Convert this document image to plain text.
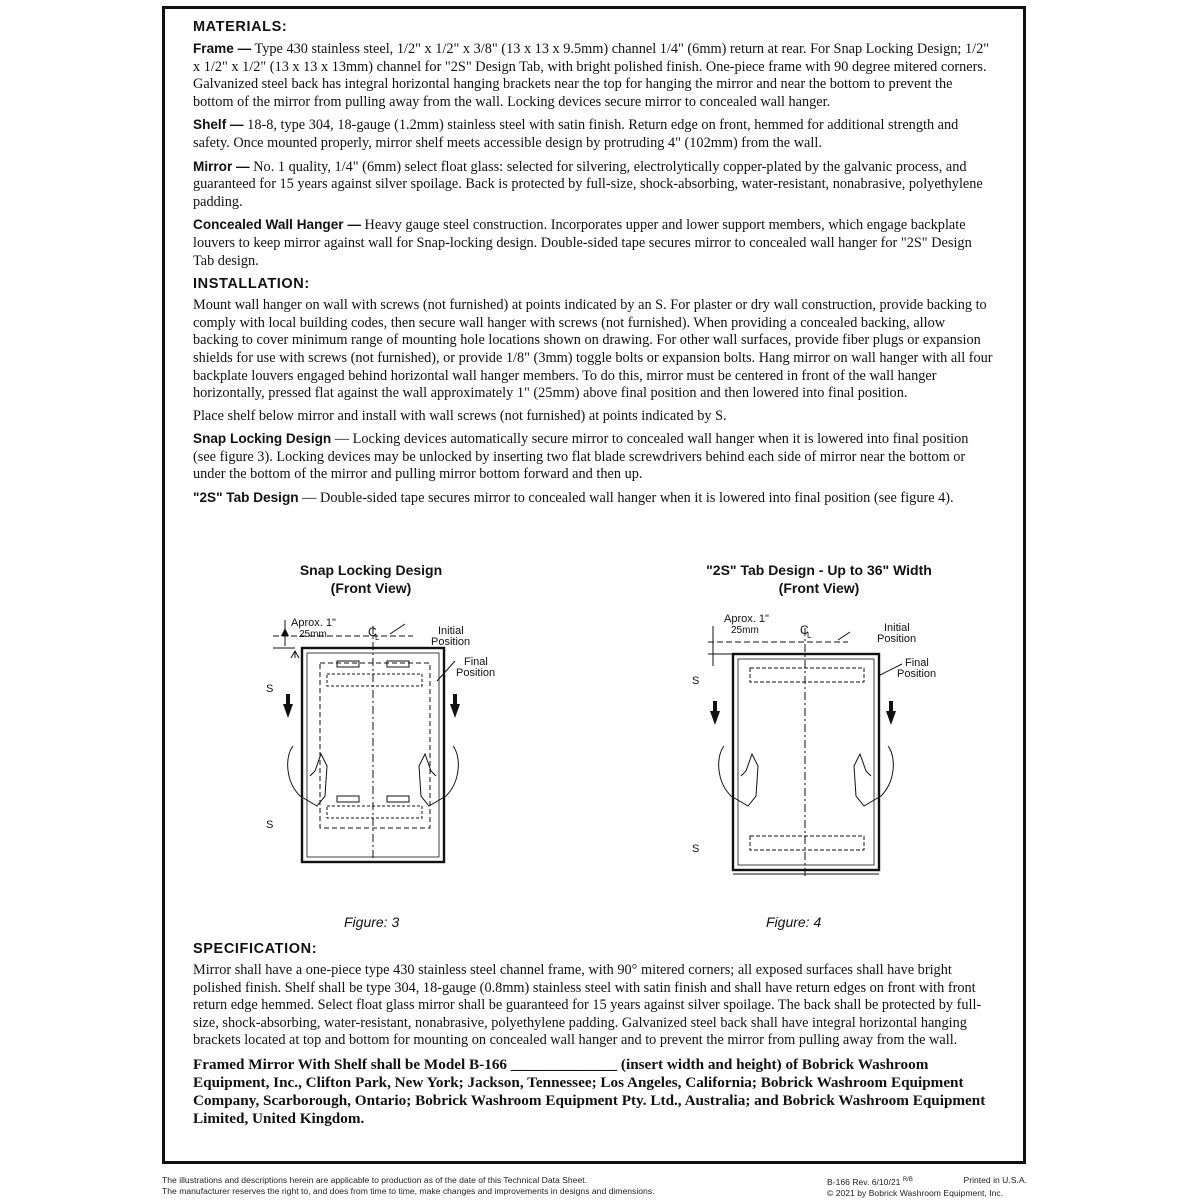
MATERIALS:

Frame — Type 430 stainless steel, 1/2" x 1/2" x 3/8" (13 x 13 x 9.5mm) channel 1/4" (6mm) return at rear. For Snap Locking Design; 1/2" x 1/2" x 1/2" (13 x 13 x 13mm) channel for "2S" Design Tab, with bright polished finish. One-piece frame with 90 degree mitered corners. Galvanized steel back has integral horizontal hanging brackets near the top for hanging the mirror and near the bottom to prevent the bottom of the mirror from pulling away from the wall. Locking devices secure mirror to concealed wall hanger.

Shelf — 18-8, type 304, 18-gauge (1.2mm) stainless steel with satin finish. Return edge on front, hemmed for additional strength and safety. Once mounted properly, mirror shelf meets accessible design by protruding 4" (102mm) from the wall.

Mirror — No. 1 quality, 1/4" (6mm) select float glass: selected for silvering, electrolytically copper-plated by the galvanic process, and guaranteed for 15 years against silver spoilage. Back is protected by full-size, shock-absorbing, water-resistant, nonabrasive, polyethylene padding.

Concealed Wall Hanger — Heavy gauge steel construction. Incorporates upper and lower support members, which engage backplate louvers to keep mirror against wall for Snap-locking design. Double-sided tape secures mirror to concealed wall hanger for "2S" Design Tab design.

INSTALLATION:

Mount wall hanger on wall with screws (not furnished) at points indicated by an S. For plaster or dry wall construction, provide backing to comply with local building codes, then secure wall hanger with screws (not furnished). When providing a concealed backing, allow backing to cover minimum range of mounting hole locations shown on drawing. For other wall surfaces, provide fiber plugs or expansion shields for use with screws (not furnished), or provide 1/8" (3mm) toggle bolts or expansion bolts. Hang mirror on wall hanger with all four backplate louvers engaged behind horizontal wall hanger members. To do this, mirror must be centered in front of the wall hanger horizontally, pressed flat against the wall approximately 1" (25mm) above final position and then lowered into final position.

Place shelf below mirror and install with wall screws (not furnished) at points indicated by S.

Snap Locking Design — Locking devices automatically secure mirror to concealed wall hanger when it is lowered into final position (see figure 3). Locking devices may be unlocked by inserting two flat blade screwdrivers behind each side of mirror near the bottom or under the bottom of the mirror and pulling mirror bottom forward and then up.

"2S" Tab Design — Double-sided tape secures mirror to concealed wall hanger when it is lowered into final position (see figure 4).

Snap Locking Design
(Front View)
Aprox. 1"
25mm	C
L
Initial
Position
Final
Position
S
S
Figure: 3
"2S" Tab Design - Up to 36" Width
(Front View)
Aprox. 1"
25mm	C
L
Initial
Position
Final
Position
S
S
Figure: 4
SPECIFICATION:

Mirror shall have a one-piece type 430 stainless steel channel frame, with 90° mitered corners; all exposed surfaces shall have bright polished finish. Shelf shall be type 304, 18-gauge (0.8mm) stainless steel with satin finish and shall have return edges on front with front return edge hemmed. Select float glass mirror shall be guaranteed for 15 years against silver spoilage. The back shall be protected by full-size, shock-absorbing, water-resistant, nonabrasive, polyethylene padding. Galvanized steel back shall have integral horizontal hanging brackets located at top and bottom for mounting on concealed wall hanger and to prevent the mirror from pulling away from the wall.

Framed Mirror With Shelf shall be Model B-166 ______________ (insert width and height) of Bobrick Washroom Equipment, Inc., Clifton Park, New York; Jackson, Tennessee; Los Angeles, California; Bobrick Washroom Equipment Company, Scarborough, Ontario; Bobrick Washroom Equipment Pty. Ltd., Australia; and Bobrick Washroom Equipment Limited, United Kingdom.

The illustrations and descriptions herein are applicable to production as of the date of this Technical Data Sheet.
The manufacturer reserves the right to, and does from time to time, make changes and improvements in designs and dimensions.
B-166 Rev. 6/10/21 $^{R/B}$	Printed in U.S.A.
© 2021 by Bobrick Washroom Equipment, Inc.
